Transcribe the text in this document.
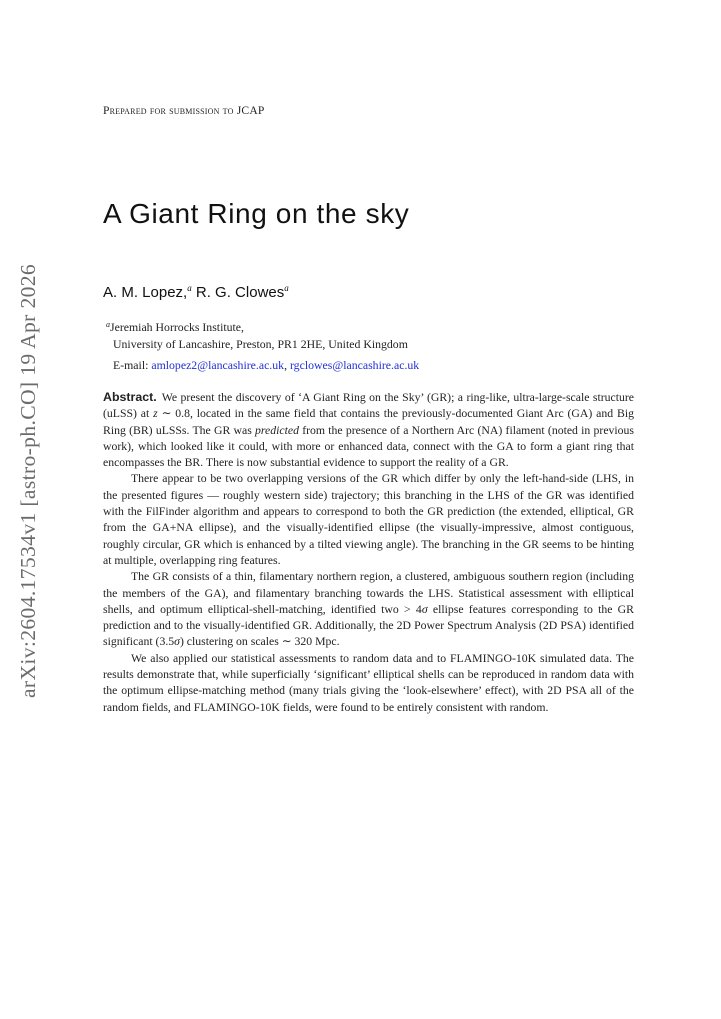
arXiv:2604.17534v1 [astro-ph.CO] 19 Apr 2026
Prepared for submission to JCAP
A Giant Ring on the sky
A. M. Lopez,$^a$ R. G. Clowes$^a$
$^a$Jeremiah Horrocks Institute,
University of Lancashire, Preston, PR1 2HE, United Kingdom
E-mail: amlopez2@lancashire.ac.uk, rgclowes@lancashire.ac.uk

Abstract. We present the discovery of ‘A Giant Ring on the Sky’ (GR); a ring-like, ultra-large-scale structure (uLSS) at z ∼ 0.8, located in the same field that contains the previously-documented Giant Arc (GA) and Big Ring (BR) uLSSs. The GR was predicted from the presence of a Northern Arc (NA) filament (noted in previous work), which looked like it could, with more or enhanced data, connect with the GA to form a giant ring that encompasses the BR. There is now substantial evidence to support the reality of a GR.

There appear to be two overlapping versions of the GR which differ by only the left-hand-side (LHS, in the presented figures — roughly western side) trajectory; this branching in the LHS of the GR was identified with the FilFinder algorithm and appears to correspond to both the GR prediction (the extended, elliptical, GR from the GA+NA ellipse), and the visually-identified ellipse (the visually-impressive, almost contiguous, roughly circular, GR which is enhanced by a tilted viewing angle). The branching in the GR seems to be hinting at multiple, overlapping ring features.

The GR consists of a thin, filamentary northern region, a clustered, ambiguous southern region (including the members of the GA), and filamentary branching towards the LHS. Statistical assessment with elliptical shells, and optimum elliptical-shell-matching, identified two > 4σ ellipse features corresponding to the GR prediction and to the visually-identified GR. Additionally, the 2D Power Spectrum Analysis (2D PSA) identified significant (3.5σ) clustering on scales ∼ 320 Mpc.

We also applied our statistical assessments to random data and to FLAMINGO-10K simulated data. The results demonstrate that, while superficially ‘significant’ elliptical shells can be reproduced in random data with the optimum ellipse-matching method (many trials giving the ‘look-elsewhere’ effect), with 2D PSA all of the random fields, and FLAMINGO-10K fields, were found to be entirely consistent with random.
